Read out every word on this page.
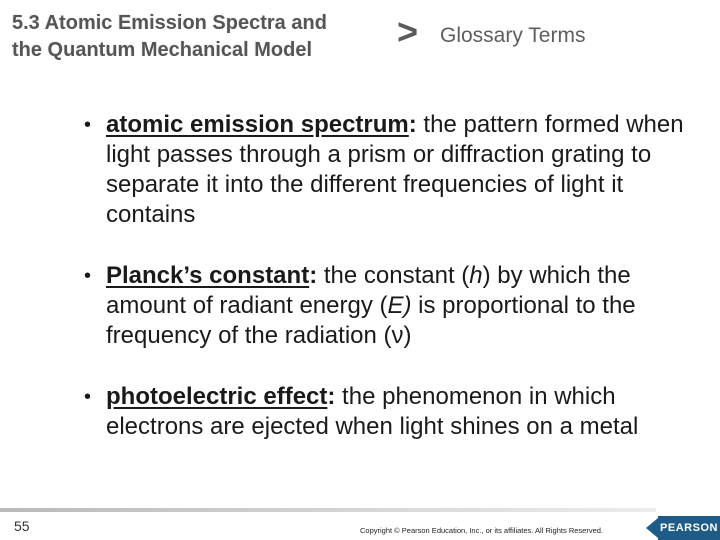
5.3 Atomic Emission Spectra and
the Quantum Mechanical Model	> Glossary Terms
• atomic emission spectrum: the pattern formed when light passes through a prism or diffraction grating to separate it into the different frequencies of light it contains
• Planck’s constant: the constant (h) by which the amount of radiant energy (E) is proportional to the frequency of the radiation (ν)
• photoelectric effect: the phenomenon in which electrons are ejected when light shines on a metal
55	Copyright © Pearson Education, Inc., or its affiliates. All Rights Reserved.	PEARSON
